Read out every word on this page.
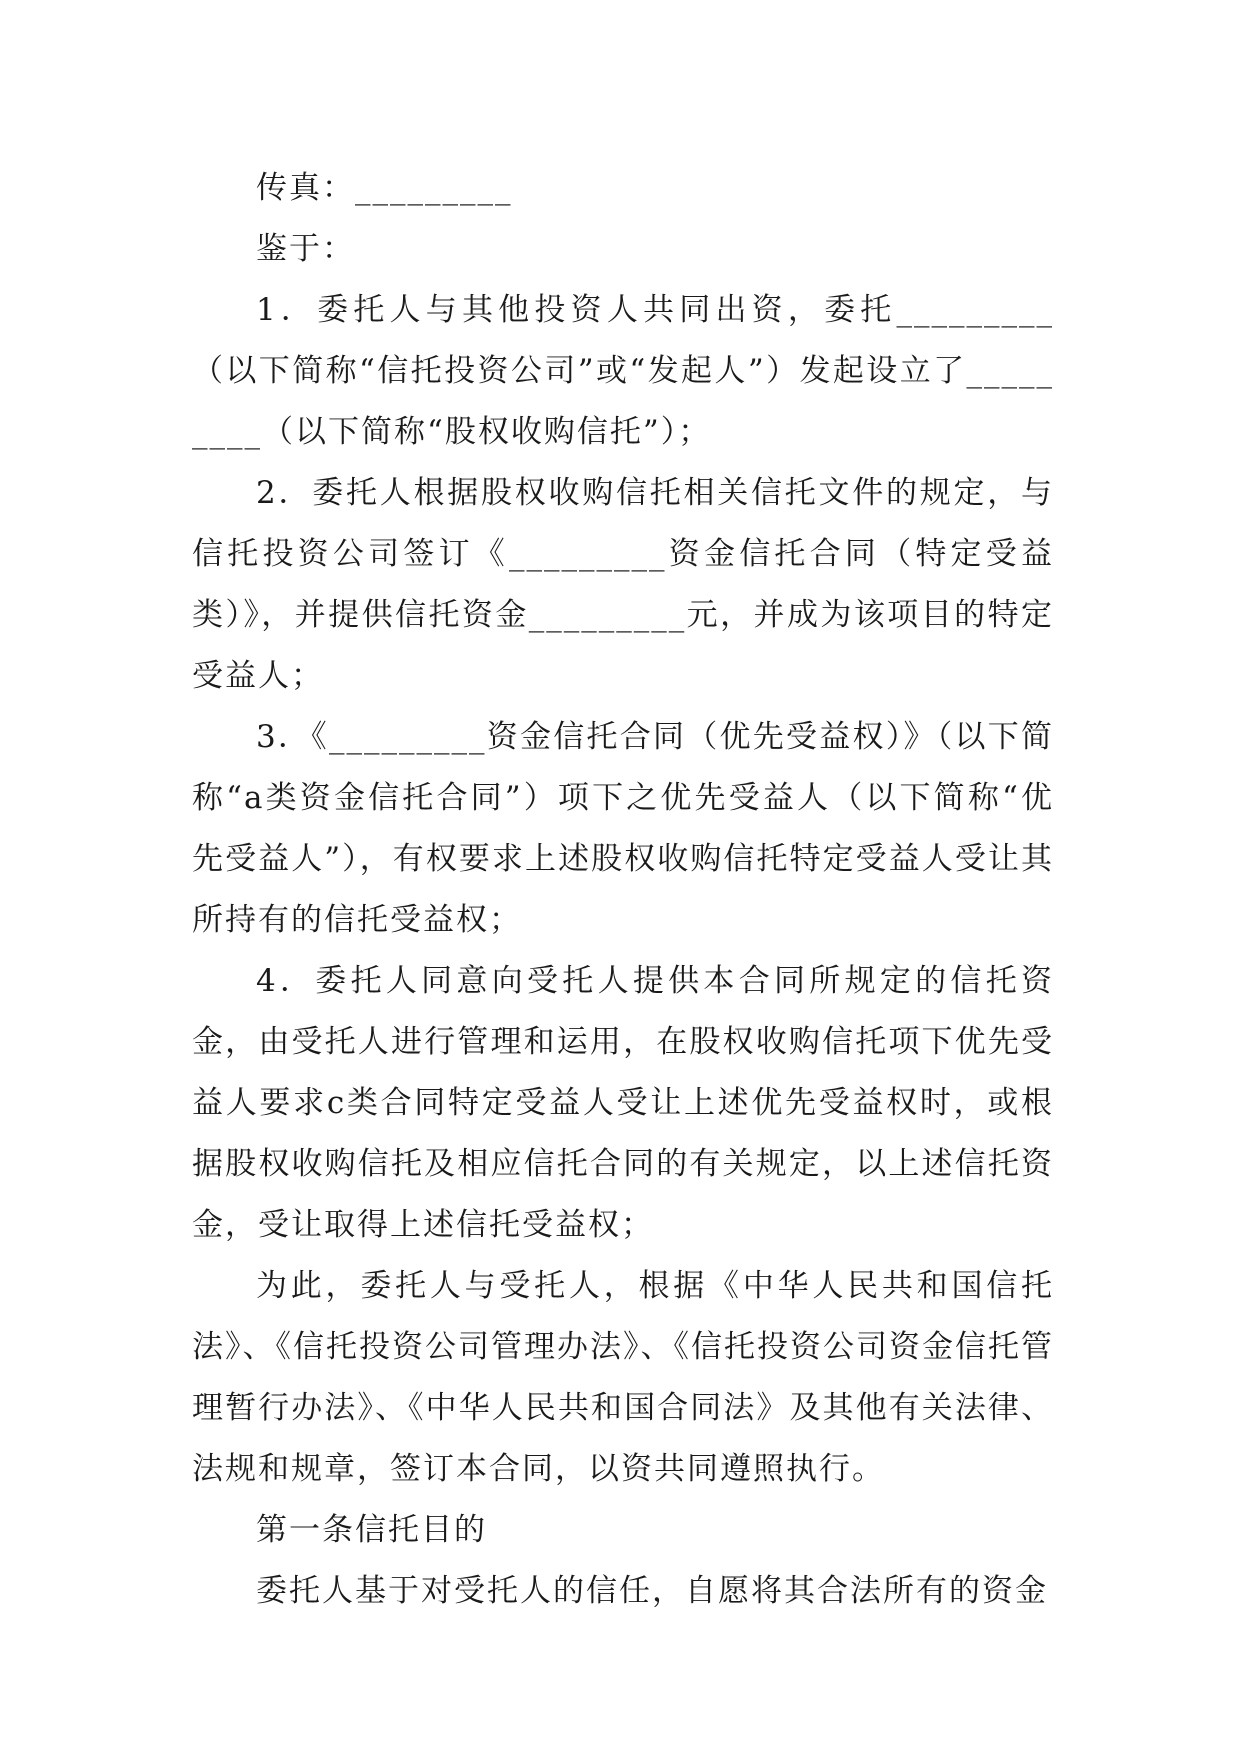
传真：_________

鉴于：

1．委托人与其他投资人共同出资，委托_________（以下简称“信托投资公司”或“发起人”）发起设立了_________（以下简称“股权收购信托”）；

2．委托人根据股权收购信托相关信托文件的规定，与信托投资公司签订《_________资金信托合同（特定受益类）》，并提供信托资金_________元，并成为该项目的特定受益人；

3．《_________资金信托合同（优先受益权）》（以下简称“a类资金信托合同”）项下之优先受益人（以下简称“优先受益人”），有权要求上述股权收购信托特定受益人受让其所持有的信托受益权；

4．委托人同意向受托人提供本合同所规定的信托资金，由受托人进行管理和运用，在股权收购信托项下优先受益人要求c类合同特定受益人受让上述优先受益权时，或根据股权收购信托及相应信托合同的有关规定，以上述信托资金，受让取得上述信托受益权；

为此，委托人与受托人，根据《中华人民共和国信托法》、《信托投资公司管理办法》、《信托投资公司资金信托管理暂行办法》、《中华人民共和国合同法》及其他有关法律、法规和规章，签订本合同，以资共同遵照执行。

第一条信托目的

委托人基于对受托人的信任，自愿将其合法所有的资金
